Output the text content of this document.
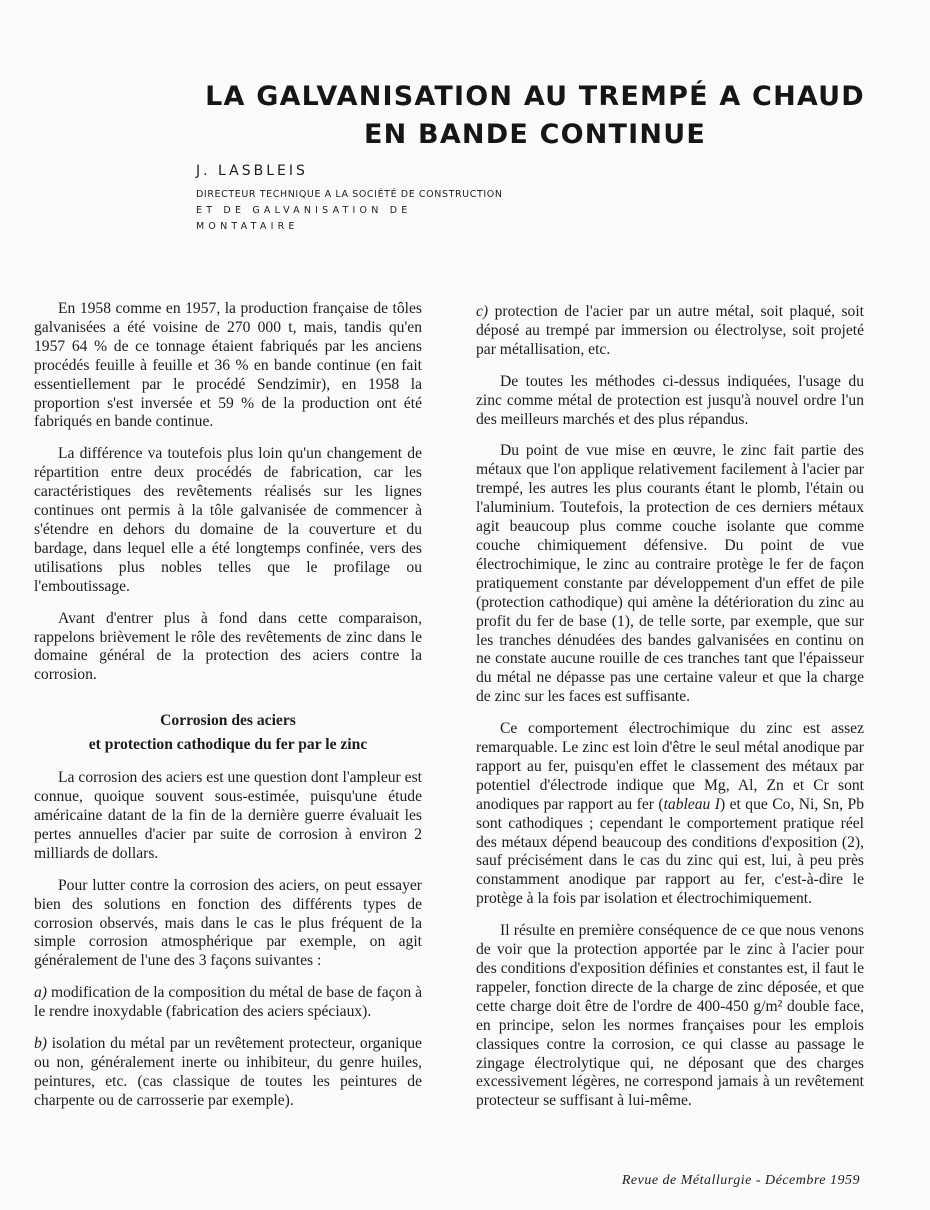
LA GALVANISATION AU TREMPÉ A CHAUD
EN BANDE CONTINUE
J. LASBLEIS
DIRECTEUR TECHNIQUE A LA SOCIÉTÉ DE CONSTRUCTION
ET DE GALVANISATION DE MONTATAIRE

En 1958 comme en 1957, la production française de tôles galvanisées a été voisine de 270 000 t, mais, tandis qu'en 1957 64 % de ce tonnage étaient fabriqués par les anciens procédés feuille à feuille et 36 % en bande continue (en fait essentiellement par le procédé Sendzimir), en 1958 la proportion s'est inversée et 59 % de la production ont été fabriqués en bande continue.

La différence va toutefois plus loin qu'un changement de répartition entre deux procédés de fabrication, car les caractéristiques des revêtements réalisés sur les lignes continues ont permis à la tôle galvanisée de commencer à s'étendre en dehors du domaine de la couverture et du bardage, dans lequel elle a été longtemps confinée, vers des utilisations plus nobles telles que le profilage ou l'emboutissage.

Avant d'entrer plus à fond dans cette comparaison, rappelons brièvement le rôle des revêtements de zinc dans le domaine général de la protection des aciers contre la corrosion.

Corrosion des aciers
et protection cathodique du fer par le zinc

La corrosion des aciers est une question dont l'ampleur est connue, quoique souvent sous-estimée, puisqu'une étude américaine datant de la fin de la dernière guerre évaluait les pertes annuelles d'acier par suite de corrosion à environ 2 milliards de dollars.

Pour lutter contre la corrosion des aciers, on peut essayer bien des solutions en fonction des différents types de corrosion observés, mais dans le cas le plus fréquent de la simple corrosion atmosphérique par exemple, on agit généralement de l'une des 3 façons suivantes :

a) modification de la composition du métal de base de façon à le rendre inoxydable (fabrication des aciers spéciaux).

b) isolation du métal par un revêtement protecteur, organique ou non, généralement inerte ou inhibiteur, du genre huiles, peintures, etc. (cas classique de toutes les peintures de charpente ou de carrosserie par exemple).

c) protection de l'acier par un autre métal, soit plaqué, soit déposé au trempé par immersion ou électrolyse, soit projeté par métallisation, etc.

De toutes les méthodes ci-dessus indiquées, l'usage du zinc comme métal de protection est jusqu'à nouvel ordre l'un des meilleurs marchés et des plus répandus.

Du point de vue mise en œuvre, le zinc fait partie des métaux que l'on applique relativement facilement à l'acier par trempé, les autres les plus courants étant le plomb, l'étain ou l'aluminium. Toutefois, la protection de ces derniers métaux agit beaucoup plus comme couche isolante que comme couche chimiquement défensive. Du point de vue électrochimique, le zinc au contraire protège le fer de façon pratiquement constante par développement d'un effet de pile (protection cathodique) qui amène la détérioration du zinc au profit du fer de base (1), de telle sorte, par exemple, que sur les tranches dénudées des bandes galvanisées en continu on ne constate aucune rouille de ces tranches tant que l'épaisseur du métal ne dépasse pas une certaine valeur et que la charge de zinc sur les faces est suffisante.

Ce comportement électrochimique du zinc est assez remarquable. Le zinc est loin d'être le seul métal anodique par rapport au fer, puisqu'en effet le classement des métaux par potentiel d'électrode indique que Mg, Al, Zn et Cr sont anodiques par rapport au fer (tableau I) et que Co, Ni, Sn, Pb sont cathodiques ; cependant le comportement pratique réel des métaux dépend beaucoup des conditions d'exposition (2), sauf précisément dans le cas du zinc qui est, lui, à peu près constamment anodique par rapport au fer, c'est-à-dire le protège à la fois par isolation et électrochimiquement.

Il résulte en première conséquence de ce que nous venons de voir que la protection apportée par le zinc à l'acier pour des conditions d'exposition définies et constantes est, il faut le rappeler, fonction directe de la charge de zinc déposée, et que cette charge doit être de l'ordre de 400-450 g/m² double face, en principe, selon les normes françaises pour les emplois classiques contre la corrosion, ce qui classe au passage le zingage électrolytique qui, ne déposant que des charges excessivement légères, ne correspond jamais à un revêtement protecteur se suffisant à lui-même.

Revue de Métallurgie - Décembre 1959
